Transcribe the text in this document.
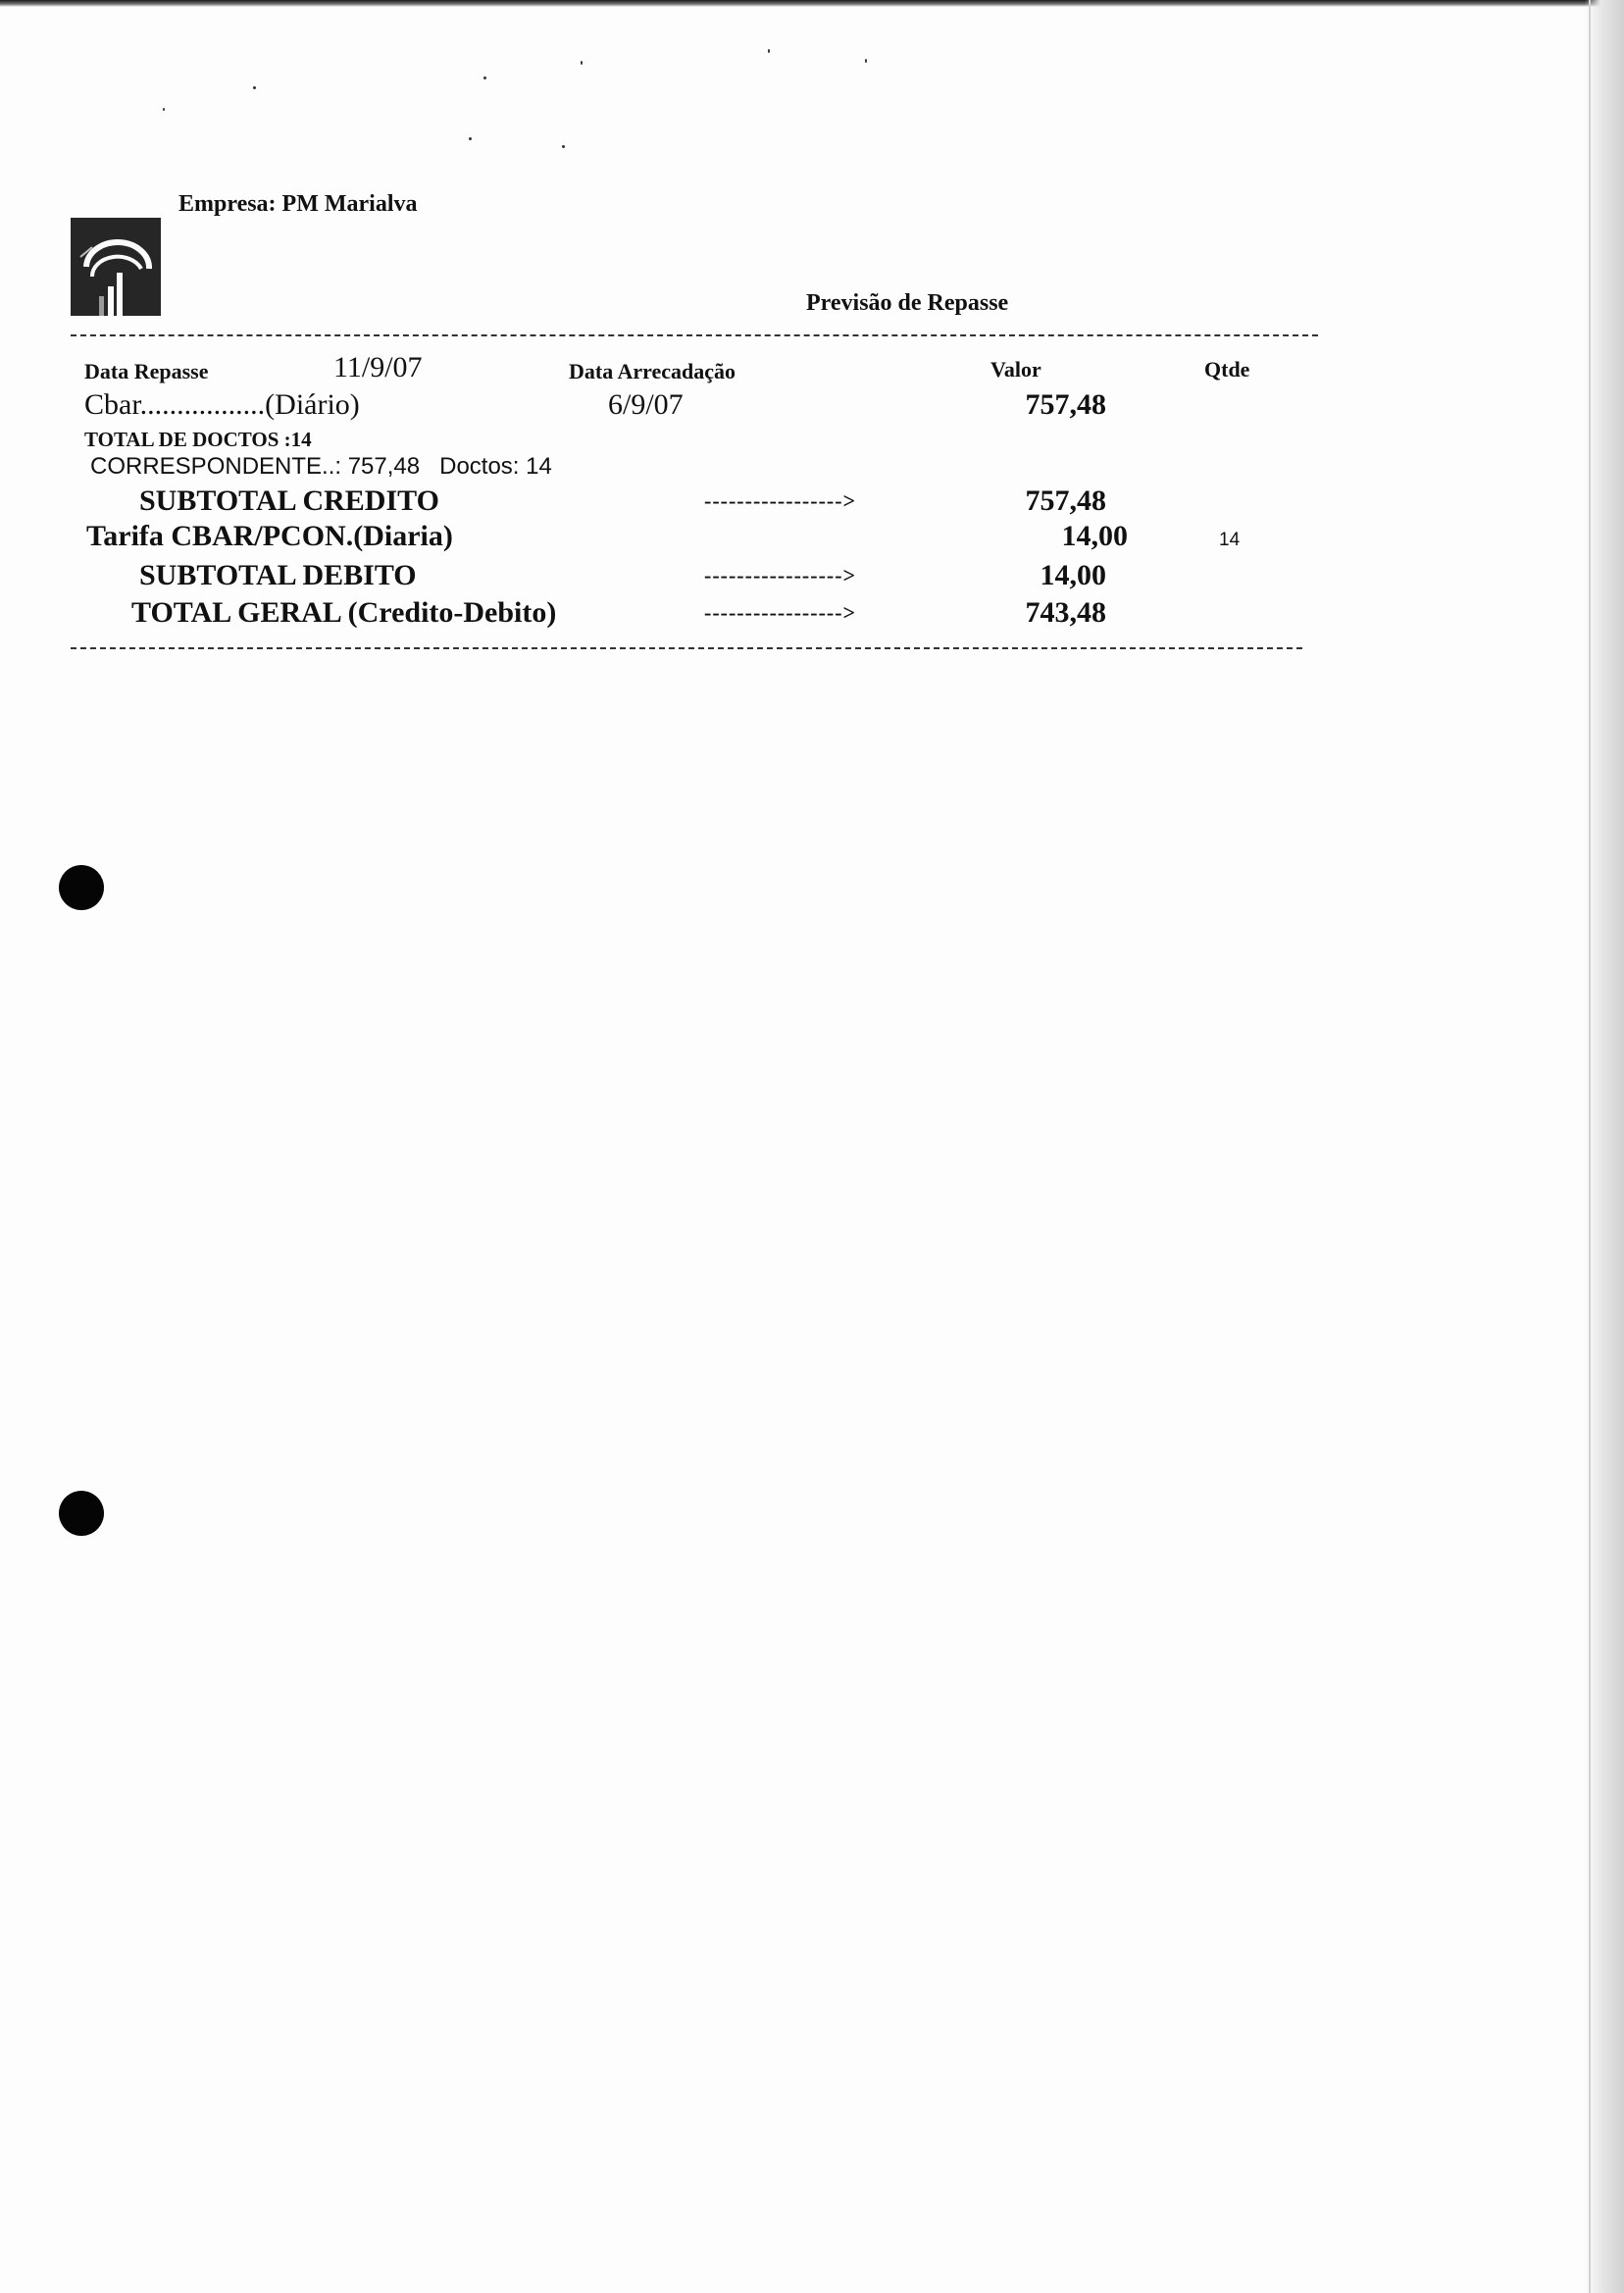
Empresa: PM Marialva
Previsão de Repasse
Data Repasse	11/9/07	Data Arrecadação	Valor	Qtde
Cbar.................(Diário)	6/9/07	757,48
TOTAL DE DOCTOS :14
CORRESPONDENTE..: 757,48   Doctos: 14
SUBTOTAL CREDITO	----------------->	757,48
Tarifa CBAR/PCON.(Diaria)	14,00	14
SUBTOTAL DEBITO	----------------->	14,00
TOTAL GERAL (Credito-Debito)	----------------->	743,48
